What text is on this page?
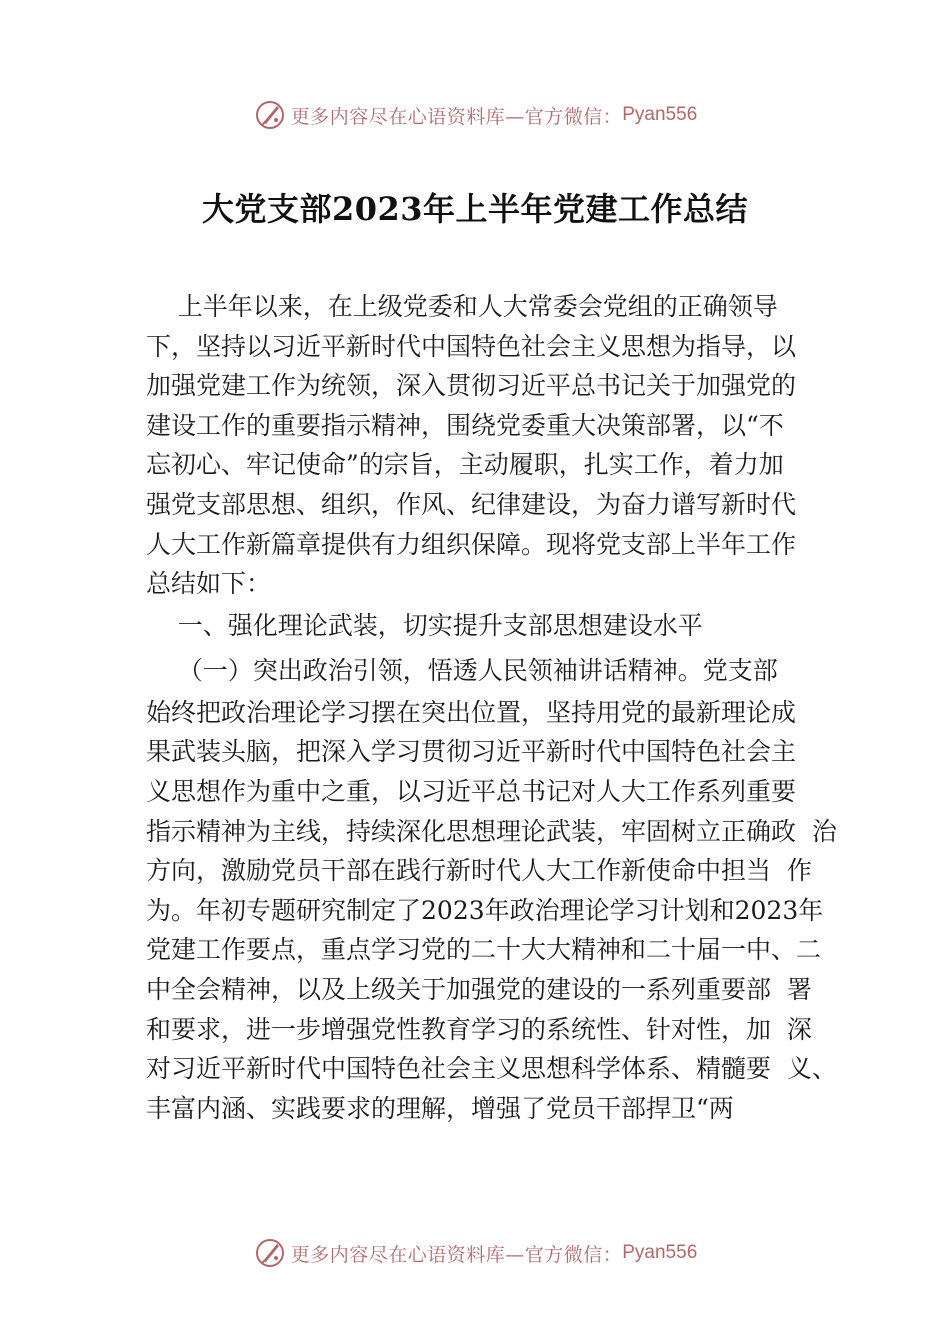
更多内容尽在心语资料库—官方微信： Pyan556
大党支部2023年上半年党建工作总结
上半年以来，在上级党委和人大常委会党组的正确领导
下，坚持以习近平新时代中国特色社会主义思想为指导，以
加强党建工作为统领，深入贯彻习近平总书记关于加强党的
建设工作的重要指示精神，围绕党委重大决策部署，以“不
忘初心、牢记使命”的宗旨，主动履职，扎实工作，着力加
强党支部思想、组织，作风、纪律建设，为奋力谱写新时代
人大工作新篇章提供有力组织保障。现将党支部上半年工作
总结如下：
一、强化理论武装，切实提升支部思想建设水平
（一）突出政治引领，悟透人民领袖讲话精神。党支部
始终把政治理论学习摆在突出位置，坚持用党的最新理论成
果武装头脑，把深入学习贯彻习近平新时代中国特色社会主
义思想作为重中之重，以习近平总书记对人大工作系列重要
指示精神为主线，持续深化思想理论武装，牢固树立正确政  治
方向，激励党员干部在践行新时代人大工作新使命中担当  作
为。年初专题研究制定了2023年政治理论学习计划和2023年
党建工作要点，重点学习党的二十大大精神和二十届一中、二
中全会精神，以及上级关于加强党的建设的一系列重要部  署
和要求，进一步增强党性教育学习的系统性、针对性，加  深
对习近平新时代中国特色社会主义思想科学体系、精髓要  义、
丰富内涵、实践要求的理解，增强了党员干部捍卫“两
更多内容尽在心语资料库—官方微信： Pyan556
